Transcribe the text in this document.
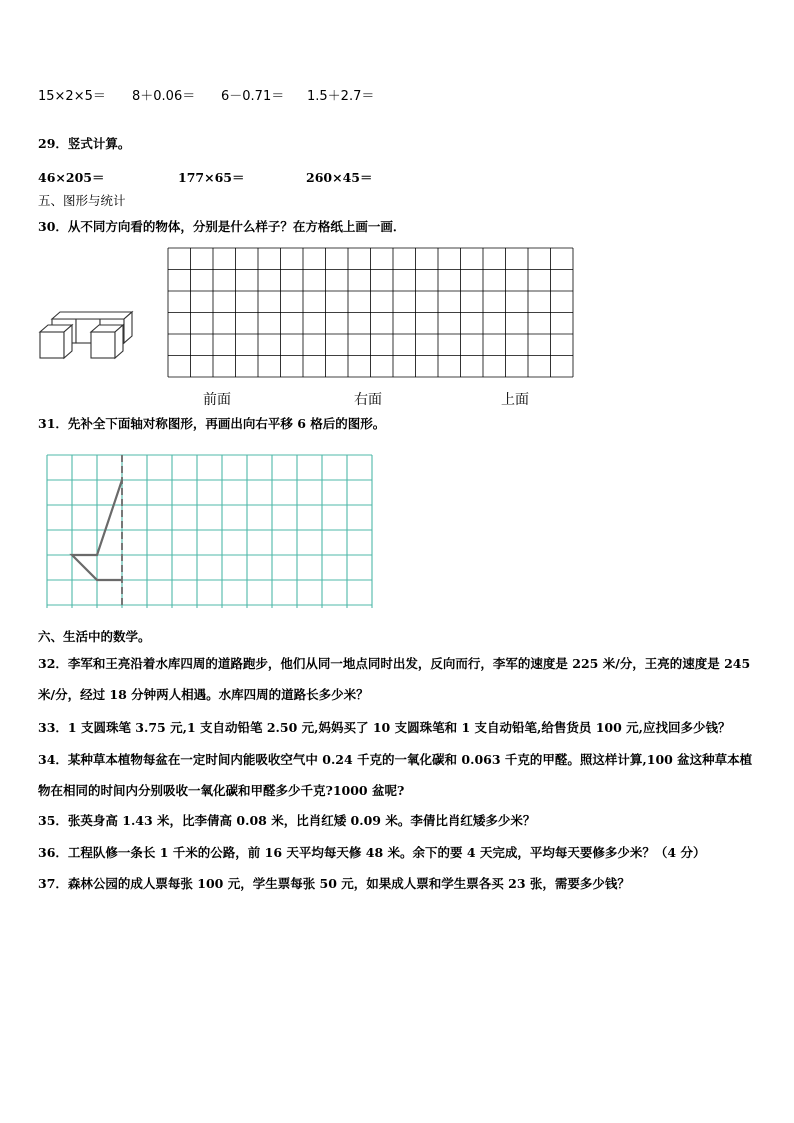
15×2×5＝ 8＋0.06＝ 6－0.71＝ 1.5＋2.7＝
29．竖式计算。
46×205＝	177×65＝	260×45＝
五、图形与统计
30．从不同方向看的物体，分别是什么样子？在方格纸上画一画．
前面	右面	上面
31．先补全下面轴对称图形，再画出向右平移 6 格后的图形。
六、生活中的数学。
32．李军和王亮沿着水库四周的道路跑步，他们从同一地点同时出发，反向而行，李军的速度是 225 米/分，王亮的速度是 245 米/分，经过 18 分钟两人相遇。水库四周的道路长多少米？
33．1 支圆珠笔 3.75 元,1 支自动铅笔 2.50 元,妈妈买了 10 支圆珠笔和 1 支自动铅笔,给售货员 100 元,应找回多少钱？
34．某种草本植物每盆在一定时间内能吸收空气中 0.24 千克的一氧化碳和 0.063 千克的甲醛。照这样计算,100 盆这种草本植物在相同的时间内分别吸收一氧化碳和甲醛多少千克?1000 盆呢?
35．张英身高 1.43 米，比李倩高 0.08 米，比肖红矮 0.09 米。李倩比肖红矮多少米？
36．工程队修一条长 1 千米的公路，前 16 天平均每天修 48 米。余下的要 4 天完成，平均每天要修多少米？（4 分）
37．森林公园的成人票每张 100 元，学生票每张 50 元，如果成人票和学生票各买 23 张，需要多少钱？
